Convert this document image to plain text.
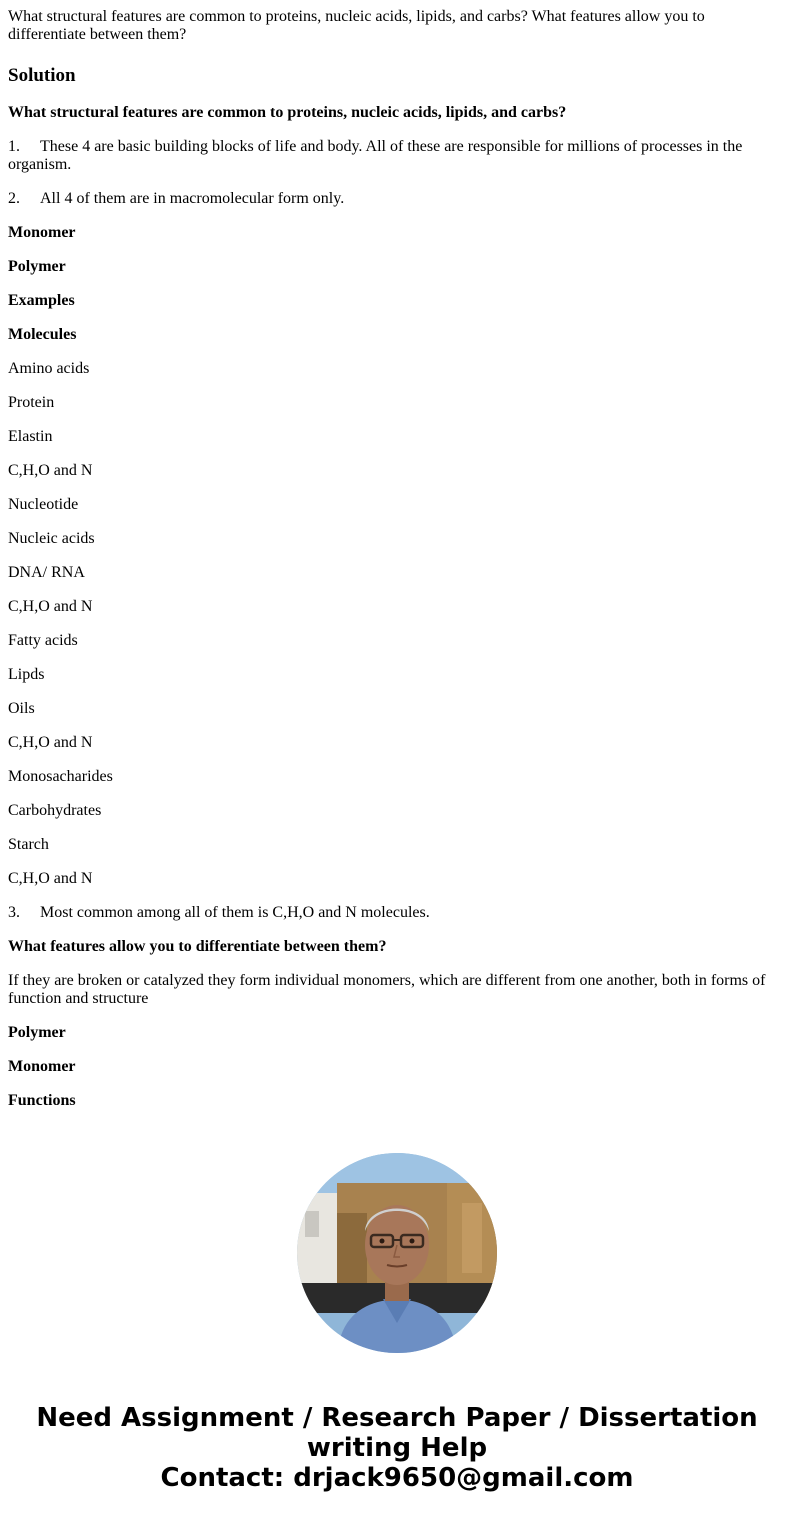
What structural features are common to proteins, nucleic acids, lipids, and carbs? What features allow you to differentiate between them?

Solution

What structural features are common to proteins, nucleic acids, lipids, and carbs?

1. These 4 are basic building blocks of life and body. All of these are responsible for millions of processes in the organism.

2. All 4 of them are in macromolecular form only.

Monomer

Polymer

Examples

Molecules

Amino acids

Protein

Elastin

C,H,O and N

Nucleotide

Nucleic acids

DNA/ RNA

C,H,O and N

Fatty acids

Lipds

Oils

C,H,O and N

Monosacharides

Carbohydrates

Starch

C,H,O and N

3. Most common among all of them is C,H,O and N molecules.

What features allow you to differentiate between them?

If they are broken or catalyzed they form individual monomers, which are different from one another, both in forms of function and structure

Polymer

Monomer

Functions

Need Assignment / Research Paper / Dissertation
writing Help
Contact: drjack9650@gmail.com
